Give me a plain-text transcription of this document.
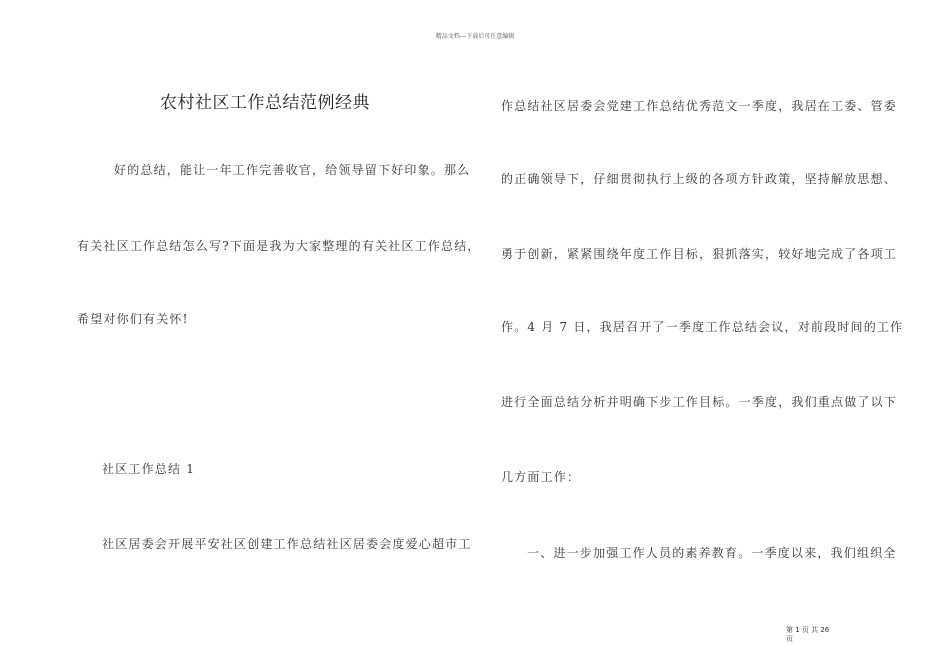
精品文档---下载后可任意编辑
农村社区工作总结范例经典
好的总结，能让一年工作完善收官，给领导留下好印象。那么
有关社区工作总结怎么写?下面是我为大家整理的有关社区工作总结，
希望对你们有关怀!
社区工作总结 1
社区居委会开展平安社区创建工作总结社区居委会度爱心超市工
作总结社区居委会党建工作总结优秀范文一季度，我居在工委、管委
的正确领导下，仔细贯彻执行上级的各项方针政策，坚持解放思想、
勇于创新，紧紧围绕年度工作目标，狠抓落实，较好地完成了各项工
作。4 月 7 日，我居召开了一季度工作总结会议，对前段时间的工作
进行全面总结分析并明确下步工作目标。一季度，我们重点做了以下
几方面工作：
一、进一步加强工作人员的素养教育。一季度以来，我们组织全
第 1 页 共 26 页
